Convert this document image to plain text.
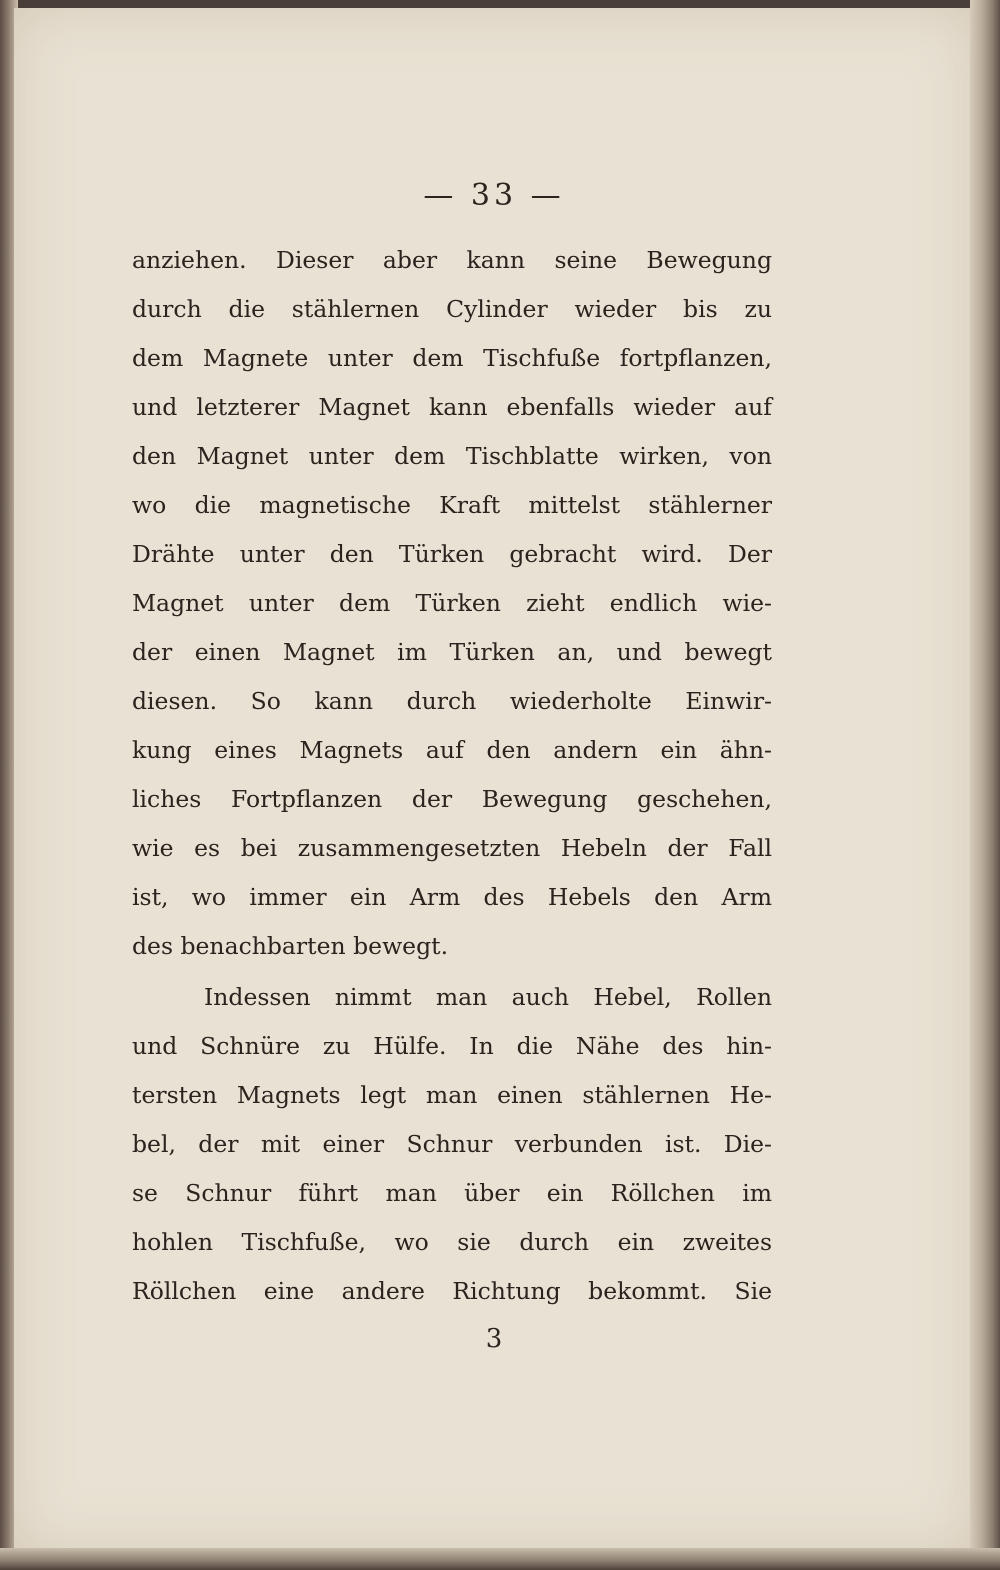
— 33 —
anziehen. Dieser aber kann seine Bewegung
durch die stählernen Cylinder wieder bis zu
dem Magnete unter dem Tischfuße fortpflanzen,
und letzterer Magnet kann ebenfalls wieder auf
den Magnet unter dem Tischblatte wirken, von
wo die magnetische Kraft mittelst stählerner
Drähte unter den Türken gebracht wird. Der
Magnet unter dem Türken zieht endlich wie-
der einen Magnet im Türken an, und bewegt
diesen. So kann durch wiederholte Einwir-
kung eines Magnets auf den andern ein ähn-
liches Fortpflanzen der Bewegung geschehen,
wie es bei zusammengesetzten Hebeln der Fall
ist, wo immer ein Arm des Hebels den Arm
des benachbarten bewegt.
Indessen nimmt man auch Hebel, Rollen
und Schnüre zu Hülfe. In die Nähe des hin-
tersten Magnets legt man einen stählernen He-
bel, der mit einer Schnur verbunden ist. Die-
se Schnur führt man über ein Röllchen im
hohlen Tischfuße, wo sie durch ein zweites
Röllchen eine andere Richtung bekommt. Sie
3
